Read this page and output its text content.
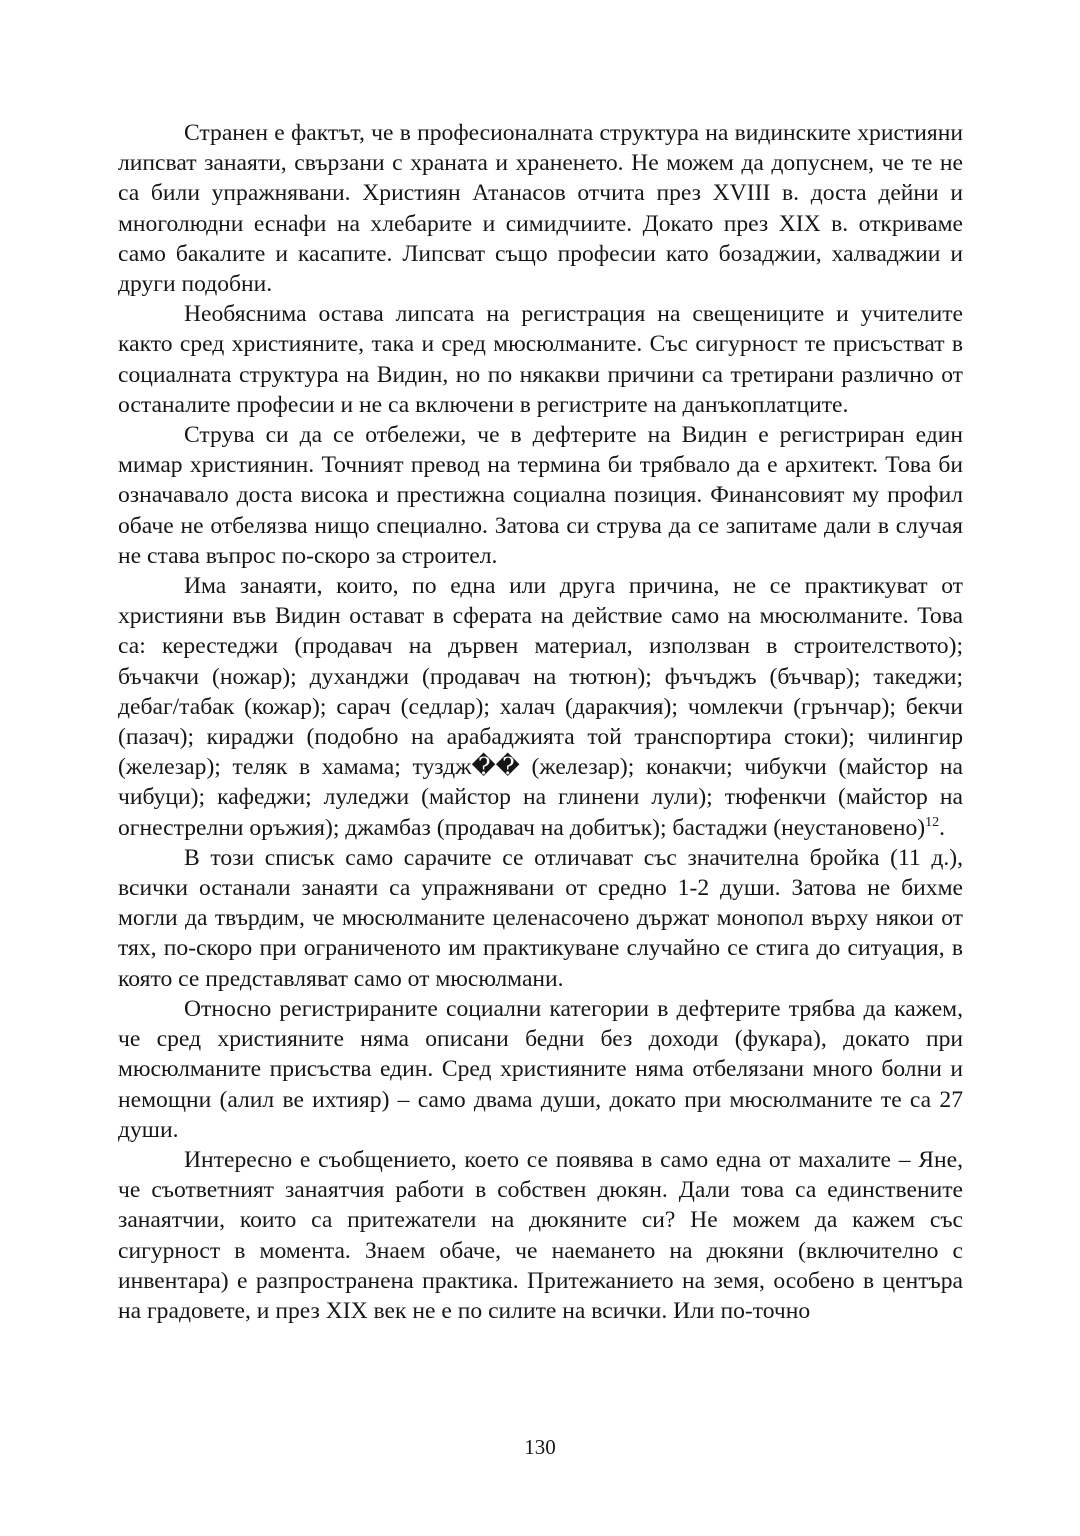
Странен е фактът, че в професионалната структура на видинските християни липсват занаяти, свързани с храната и храненето. Не можем да допуснем, че те не са били упражнявани. Християн Атанасов отчита през XVIII в. доста дейни и многолюдни еснафи на хлебарите и симидчиите. Докато през XIX в. откриваме само бакалите и касапите. Липсват също професии като бозаджии, халваджии и други подобни.

Необяснима остава липсата на регистрация на свещениците и учителите както сред християните, така и сред мюсюлманите. Със сигурност те присъстват в социалната структура на Видин, но по някакви причини са третирани различно от останалите професии и не са включени в регистрите на данъкоплатците.

Струва си да се отбележи, че в дефтерите на Видин е регистриран един мимар християнин. Точният превод на термина би трябвало да е архитект. Това би означавало доста висока и престижна социална позиция. Финансовият му профил обаче не отбелязва нищо специално. Затова си струва да се запитаме дали в случая не става въпрос по-скоро за строител.

Има занаяти, които, по една или друга причина, не се практикуват от християни във Видин остават в сферата на действие само на мюсюлманите. Това са: керестеджи (продавач на дървен материал, използван в строителството); бъчакчи (ножар); духанджи (продавач на тютюн); фъчъджъ (бъчвар); такеджи; дебаг/табак (кожар); сарач (седлар); халач (даракчия); чомлекчи (грънчар); бекчи (пазач); кираджи (подобно на арабаджията той транспортира стоки); чилингир (железар); теляк в хамама; туздж�� (железар); конакчи; чибукчи (майстор на чибуци); кафеджи; луледжи (майстор на глинени лули); тюфенкчи (майстор на огнестрелни оръжия); джамбаз (продавач на добитък); бастаджи (неустановено)$^{12}$.

В този списък само сарачите се отличават със значителна бройка (11 д.), всички останали занаяти са упражнявани от средно 1-2 души. Затова не бихме могли да твърдим, че мюсюлманите целенасочено държат монопол върху някои от тях, по-скоро при ограниченото им практикуване случайно се стига до ситуация, в която се представляват само от мюсюлмани.

Относно регистрираните социални категории в дефтерите трябва да кажем, че сред християните няма описани бедни без доходи (фукара), докато при мюсюлманите присъства един. Сред християните няма отбелязани много болни и немощни (алил ве ихтияр) – само двама души, докато при мюсюлманите те са 27 души.

Интересно е съобщението, което се появява в само една от махалите – Яне, че съответният занаятчия работи в собствен дюкян. Дали това са единствените занаятчии, които са притежатели на дюкяните си? Не можем да кажем със сигурност в момента. Знаем обаче, че наемането на дюкяни (включително с инвентара) е разпространена практика. Притежанието на земя, особено в центъра на градовете, и през XIX век не е по силите на всички. Или по-точно

130
